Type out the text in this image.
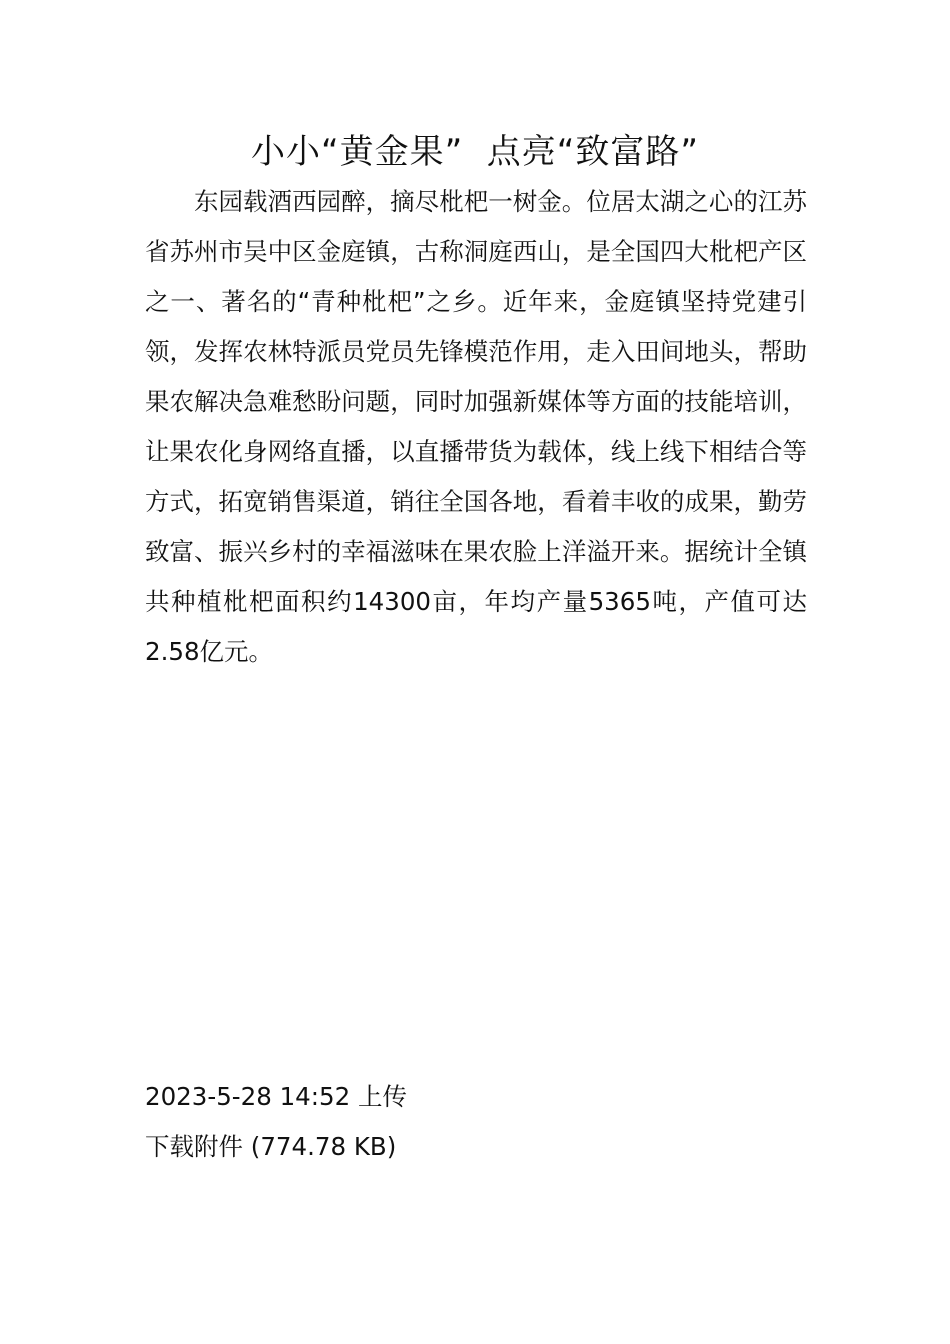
小小“黄金果”  点亮“致富路”

东园载酒西园醉，摘尽枇杷一树金。位居太湖之心的江苏省苏州市吴中区金庭镇，古称洞庭西山，是全国四大枇杷产区之一、著名的“青种枇杷”之乡。近年来，金庭镇坚持党建引领，发挥农林特派员党员先锋模范作用，走入田间地头，帮助果农解决急难愁盼问题，同时加强新媒体等方面的技能培训，让果农化身网络直播，以直播带货为载体，线上线下相结合等方式，拓宽销售渠道，销往全国各地，看着丰收的成果，勤劳致富、振兴乡村的幸福滋味在果农脸上洋溢开来。据统计全镇共种植枇杷面积约14300亩，年均产量5365吨，产值可达2.58亿元。

2023-5-28 14:52 上传
下载附件 (774.78 KB)
